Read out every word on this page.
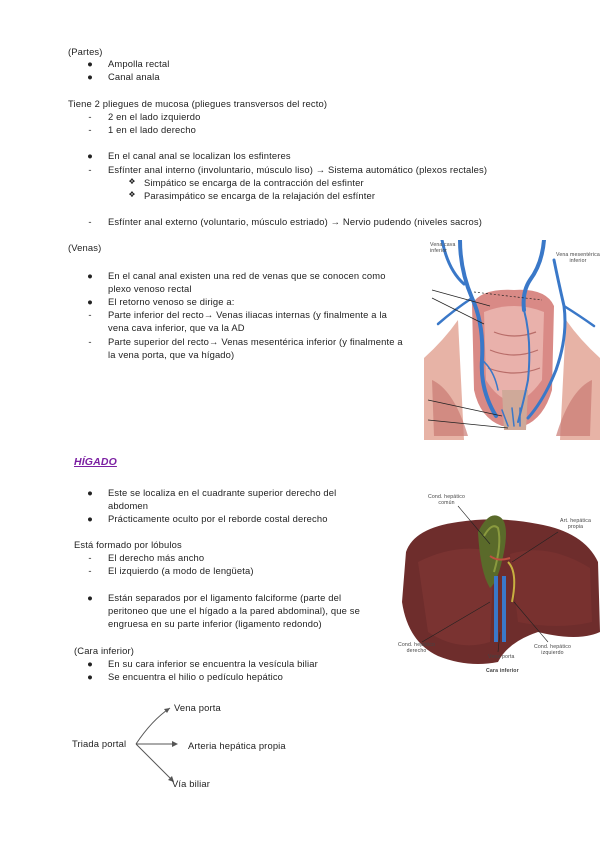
(Partes)
● Ampolla rectal
● Canal anala
Tiene 2 pliegues de mucosa (pliegues transversos del recto)
-	2 en el lado izquierdo
-	1 en el lado derecho
● En el canal anal se localizan los esfinteres
-	Esfínter anal interno (involuntario, músculo liso) → Sistema automático (plexos rectales)
❖ Simpático se encarga de la contracción del esfinter
❖ Parasimpático se encarga de la relajación del esfínter
-	Esfínter anal externo (voluntario, músculo estriado) → Nervio pudendo (niveles sacros)
(Venas)
● En el canal anal existen una red de venas que se conocen como
plexo venoso rectal
● El retorno venoso se dirige a:
-	Parte inferior del recto→ Venas iliacas internas (y finalmente a la
vena cava inferior, que va la AD
-	Parte superior del recto→ Venas mesentérica inferior (y finalmente a
la vena porta, que va hígado)
Vena cava
inferior
Vena mesentérica
inferior
HÍGADO
● Este se localiza en el cuadrante superior derecho del
abdomen
● Prácticamente oculto por el reborde costal derecho
Está formado por lóbulos
-	El derecho más ancho
-	El izquierdo (a modo de lengüeta)
● Están separados por el ligamento falciforme (parte del
peritoneo que une el hígado a la pared abdominal), que se
engruesa en su parte inferior (ligamento redondo)
(Cara inferior)
● En su cara inferior se encuentra la vesícula biliar
● Se encuentra el hilio o pedículo hepático
Cond. hepático
común
Art. hepática
propia
Cond. hepático
derecho
Vena porta
Cond. hepático
izquierdo
Cara inferior
Triada portal
Vena porta
Arteria hepática propia
Vía biliar
